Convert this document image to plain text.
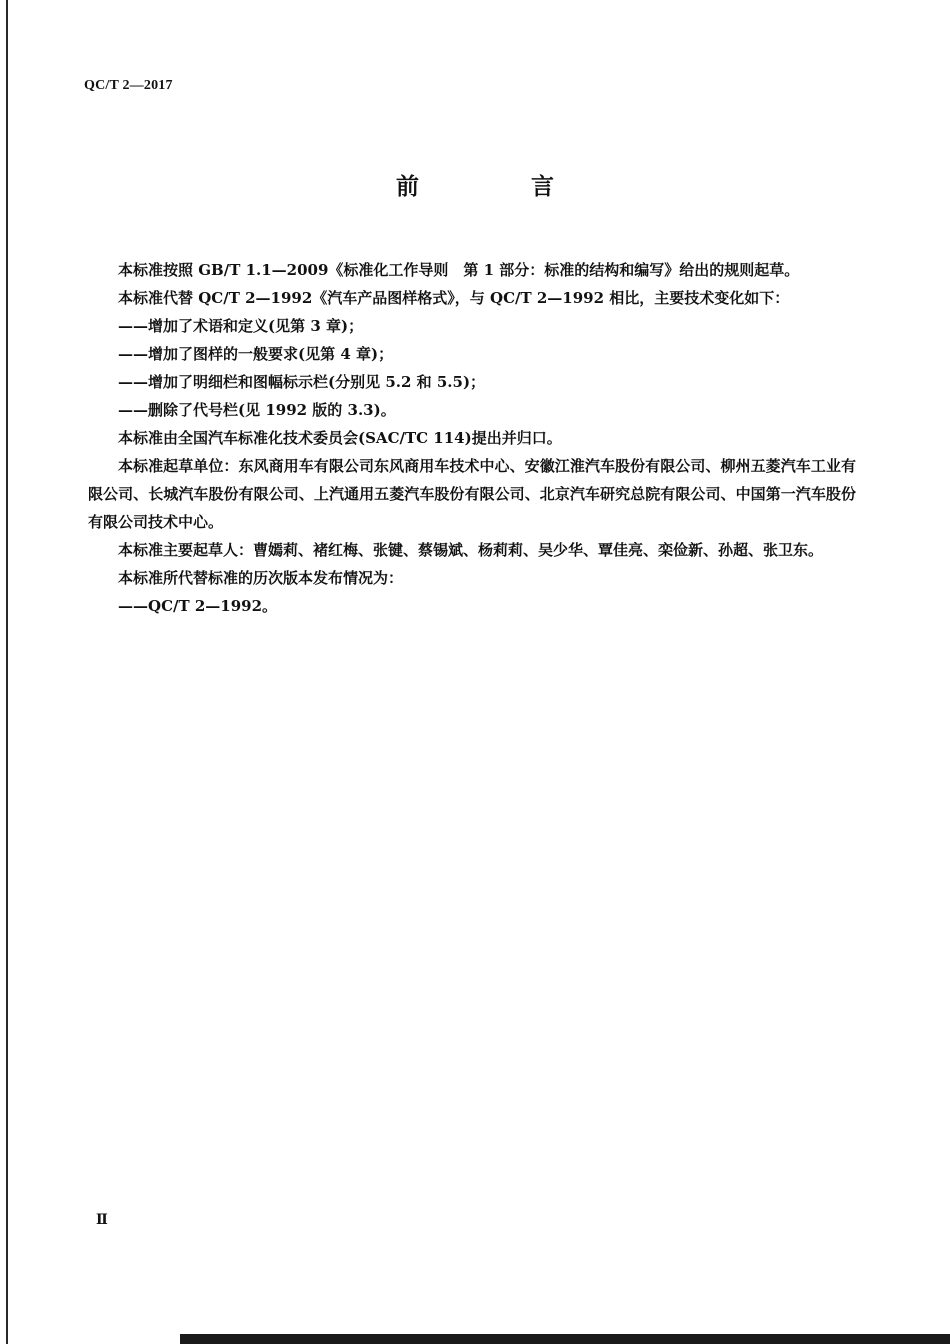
QC/T 2—2017
前 言

本标准按照 GB/T 1.1—2009《标准化工作导则　第 1 部分：标准的结构和编写》给出的规则起草。

本标准代替 QC/T 2—1992《汽车产品图样格式》，与 QC/T 2—1992 相比，主要技术变化如下：

——增加了术语和定义(见第 3 章)；

——增加了图样的一般要求(见第 4 章)；

——增加了明细栏和图幅标示栏(分别见 5.2 和 5.5)；

——删除了代号栏(见 1992 版的 3.3)。

本标准由全国汽车标准化技术委员会(SAC/TC 114)提出并归口。

本标准起草单位：东风商用车有限公司东风商用车技术中心、安徽江淮汽车股份有限公司、柳州五菱汽车工业有限公司、长城汽车股份有限公司、上汽通用五菱汽车股份有限公司、北京汽车研究总院有限公司、中国第一汽车股份有限公司技术中心。

本标准主要起草人：曹嫣莉、褚红梅、张键、蔡锡斌、杨莉莉、吴少华、覃佳亮、栾俭新、孙超、张卫东。

本标准所代替标准的历次版本发布情况为：

——QC/T 2—1992。

Ⅱ
